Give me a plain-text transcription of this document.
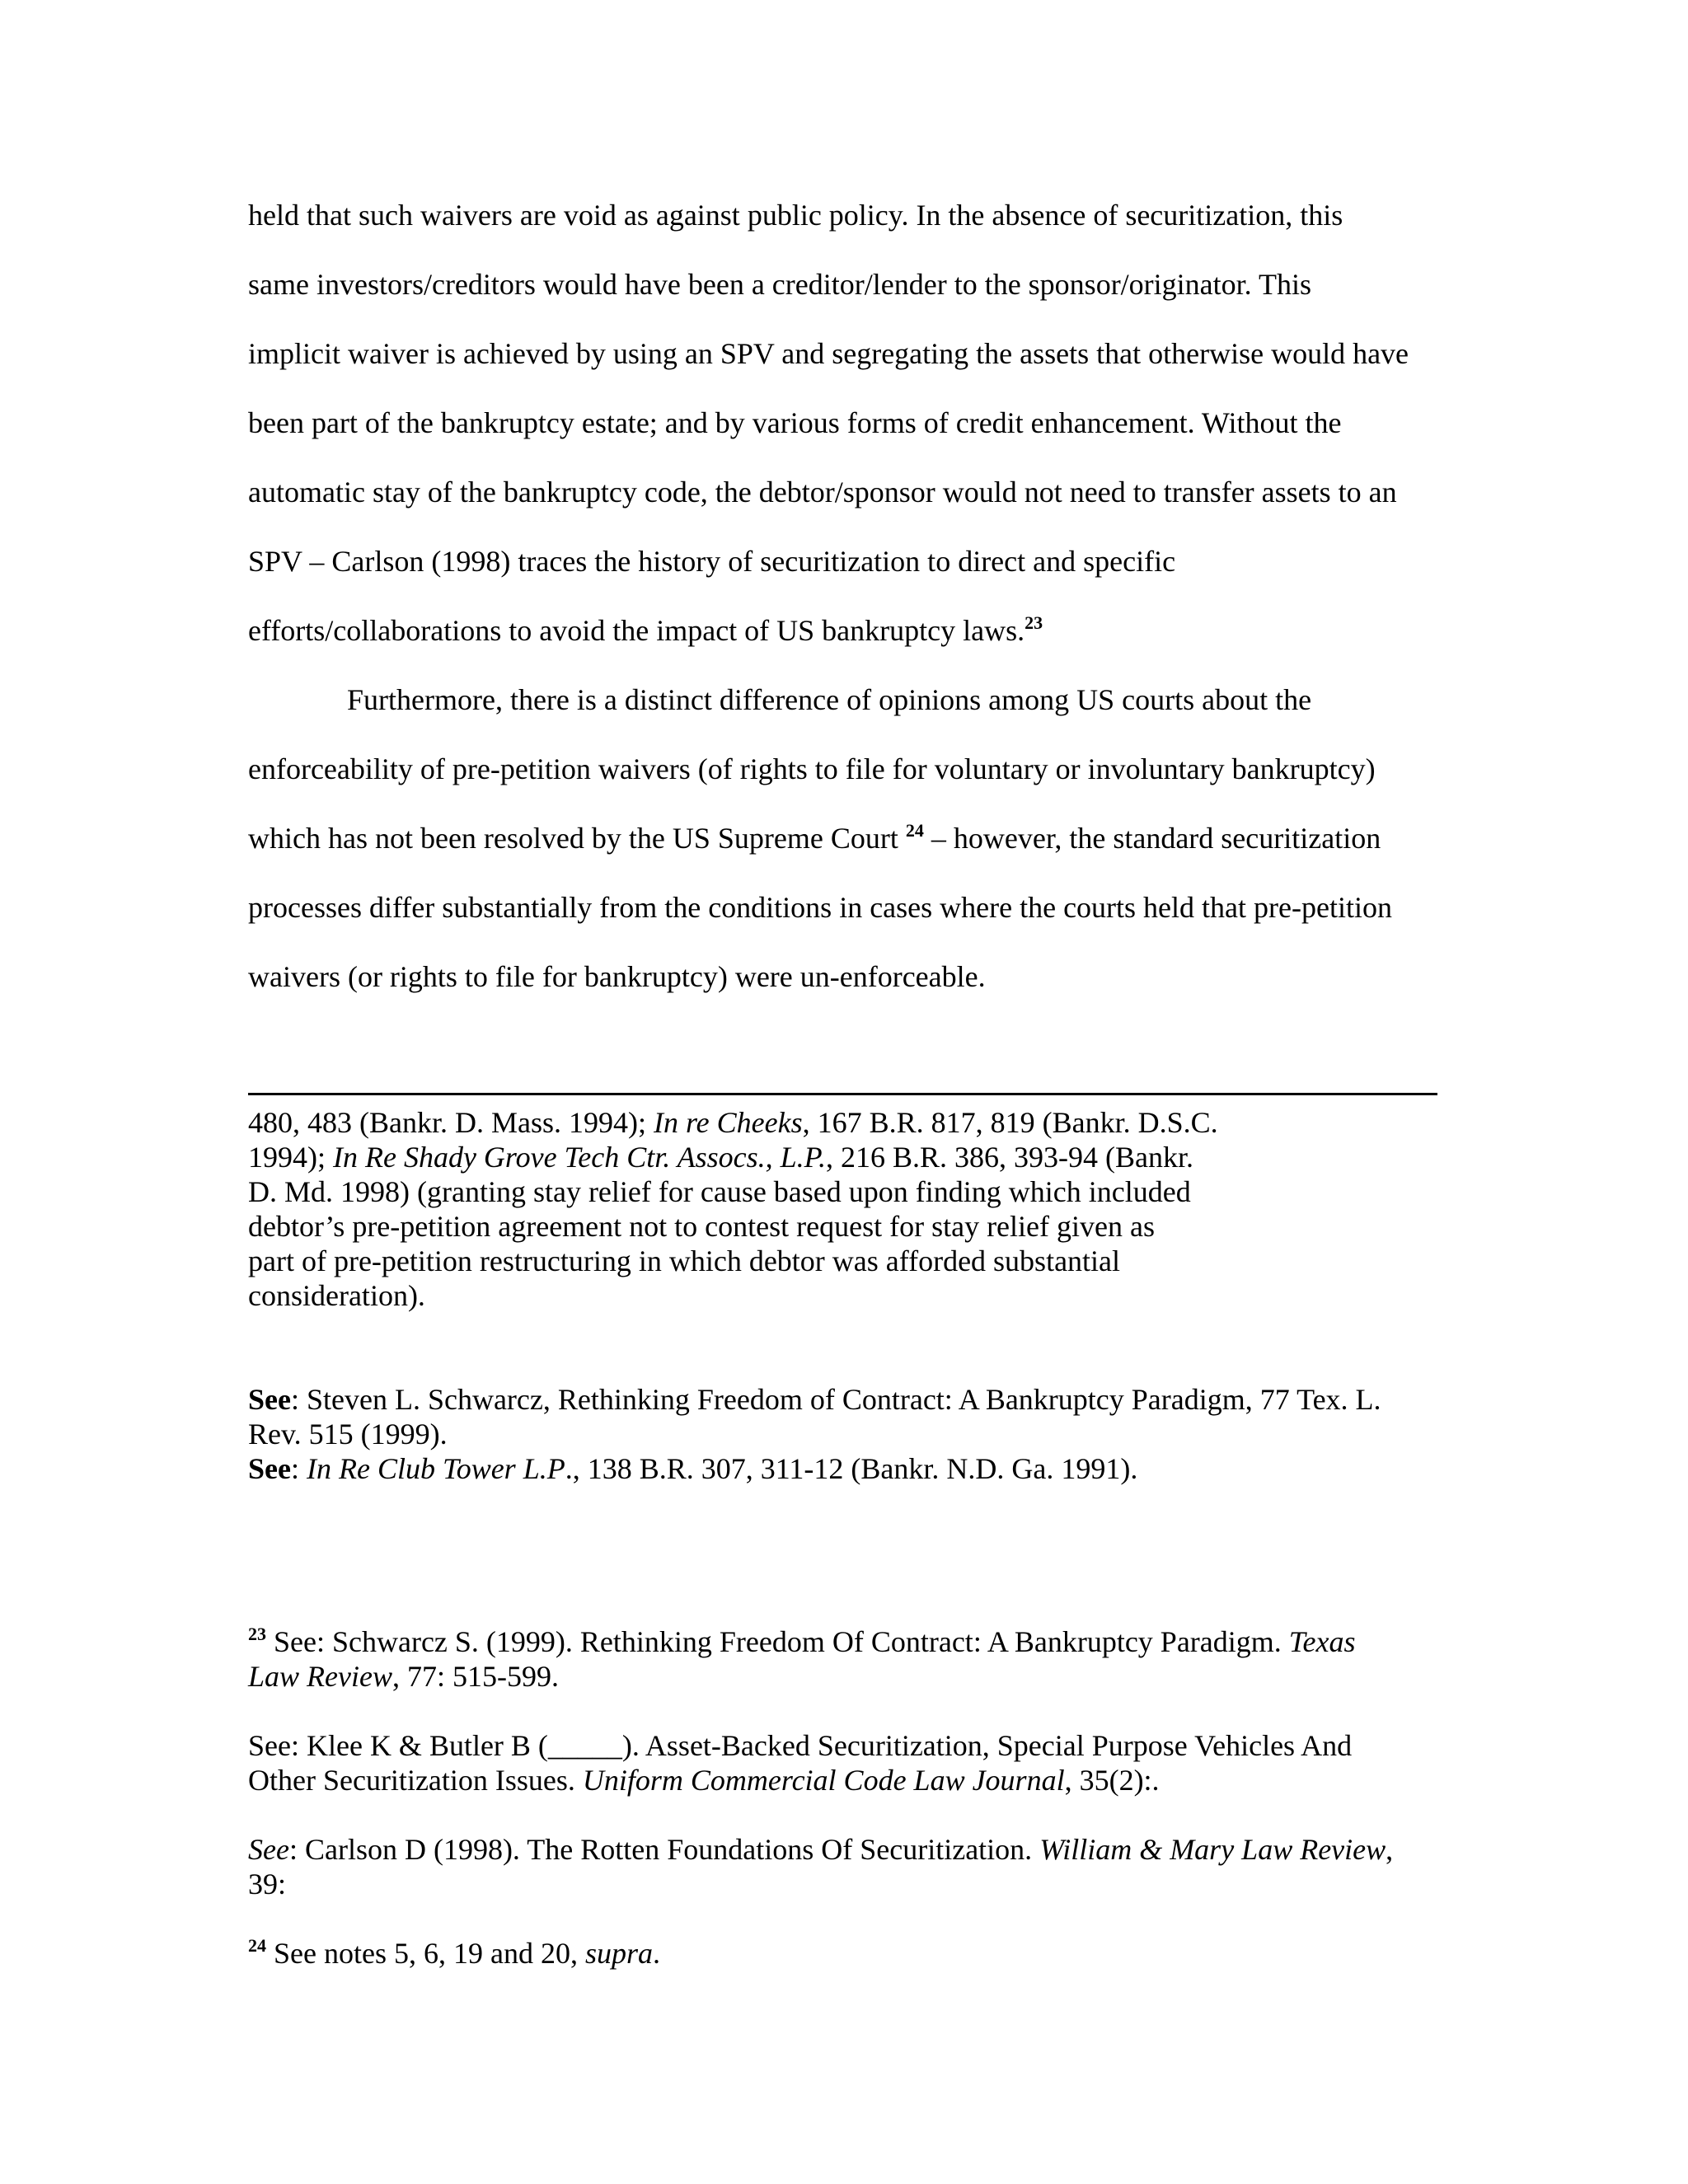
held that such waivers are void as against public policy. In the absence of securitization, this
same investors/creditors would have been a creditor/lender to the sponsor/originator. This
implicit waiver is achieved by using an SPV and segregating the assets that otherwise would have
been part of the bankruptcy estate; and by various forms of credit enhancement. Without the
automatic stay of the bankruptcy code, the debtor/sponsor would not need to transfer assets to an
SPV – Carlson (1998) traces the history of securitization to direct and specific
efforts/collaborations to avoid the impact of US bankruptcy laws.$^{23}$
Furthermore, there is a distinct difference of opinions among US courts about the
enforceability of pre-petition waivers (of rights to file for voluntary or involuntary bankruptcy)
which has not been resolved by the US Supreme Court $^{24}$ – however, the standard securitization
processes differ substantially from the conditions in cases where the courts held that pre-petition
waivers (or rights to file for bankruptcy) were un-enforceable.
480, 483 (Bankr. D. Mass. 1994); In re Cheeks, 167 B.R. 817, 819 (Bankr. D.S.C.
1994); In Re Shady Grove Tech Ctr. Assocs., L.P., 216 B.R. 386, 393-94 (Bankr.
D. Md. 1998) (granting stay relief for cause based upon finding which included
debtor’s pre-petition agreement not to contest request for stay relief given as
part of pre-petition restructuring in which debtor was afforded substantial
consideration).
See: Steven L. Schwarcz, Rethinking Freedom of Contract: A Bankruptcy Paradigm, 77 Tex. L.
Rev. 515 (1999).
See: In Re Club Tower L.P., 138 B.R. 307, 311-12 (Bankr. N.D. Ga. 1991).
$^{23}$ See: Schwarcz S. (1999). Rethinking Freedom Of Contract: A Bankruptcy Paradigm. Texas
Law Review, 77: 515-599.
See: Klee K & Butler B (_____). Asset-Backed Securitization, Special Purpose Vehicles And
Other Securitization Issues. Uniform Commercial Code Law Journal, 35(2):.
See: Carlson D (1998). The Rotten Foundations Of Securitization. William & Mary Law Review,
39:
$^{24}$ See notes 5, 6, 19 and 20, supra.
